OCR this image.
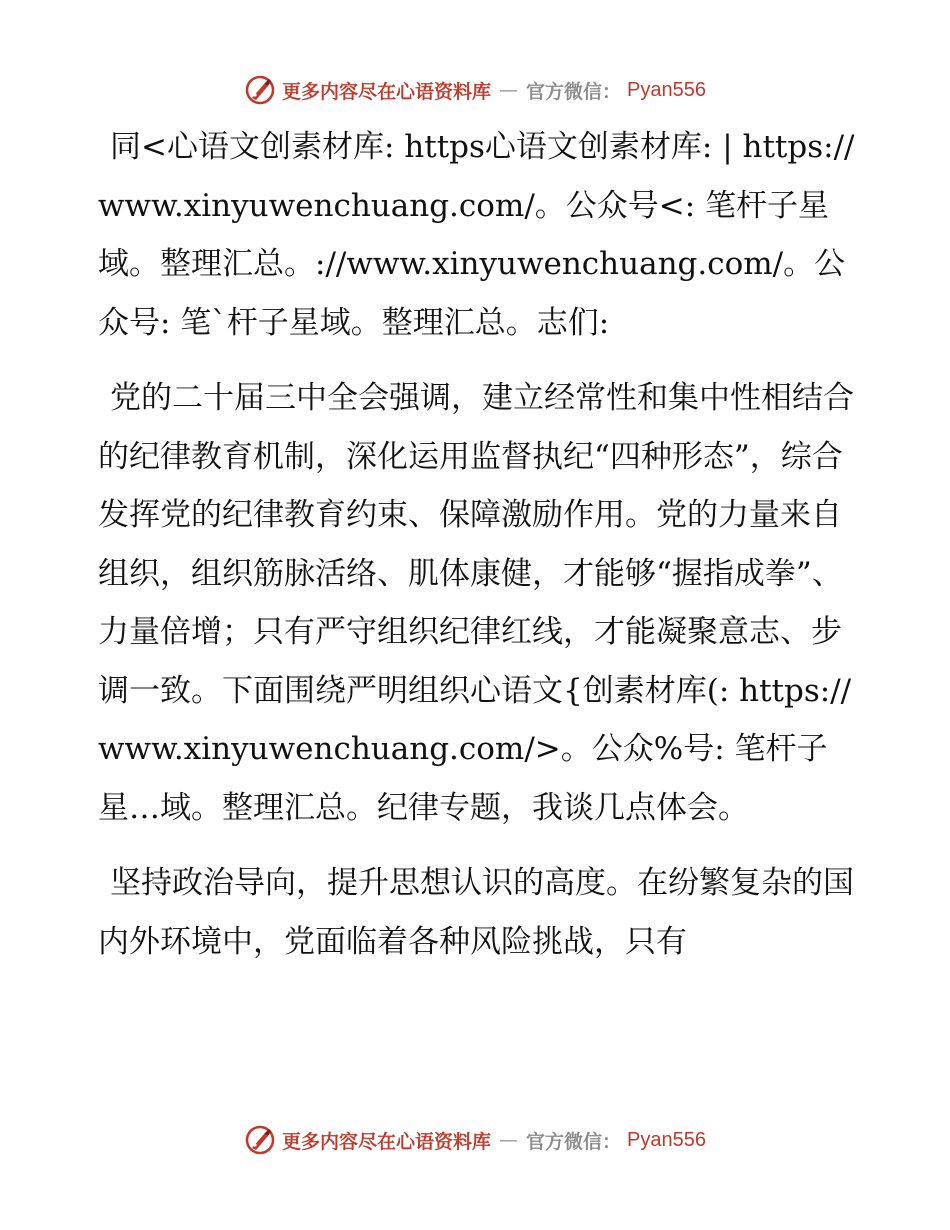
更多内容尽在心语资料库 — 官方微信： Pyan556

同<心语文创素材库: https心语文创素材库: | https://www.xinyuwenchuang.com/。公众号<: 笔杆子星域。整理汇总。://www.xinyuwenchuang.com/。公众号: 笔`杆子星域。整理汇总。志们:

党的二十届三中全会强调，建立经常性和集中性相结合的纪律教育机制，深化运用监督执纪“四种形态”，综合发挥党的纪律教育约束、保障激励作用。党的力量来自组织，组织筋脉活络、肌体康健，才能够“握指成拳”、力量倍增；只有严守组织纪律红线，才能凝聚意志、步调一致。下面围绕严明组织心语文{创素材库(: https://www.xinyuwenchuang.com/>。公众%号: 笔杆子星…域。整理汇总。纪律专题，我谈几点体会。

坚持政治导向，提升思想认识的高度。在纷繁复杂的国内外环境中，党面临着各种风险挑战，只有

更多内容尽在心语资料库 — 官方微信： Pyan556
